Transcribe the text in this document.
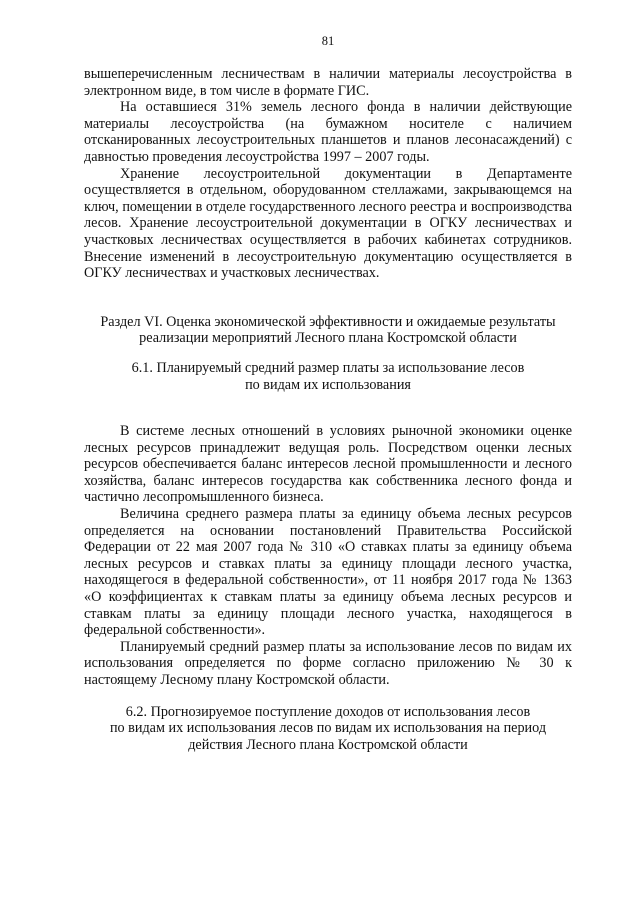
81

вышеперечисленным лесничествам в наличии материалы лесоустройства в электронном виде, в том числе в формате ГИС.

На оставшиеся 31% земель лесного фонда в наличии действующие материалы лесоустройства (на бумажном носителе с наличием отсканированных лесоустроительных планшетов и планов лесонасаждений) с давностью проведения лесоустройства 1997 – 2007 годы.

Хранение лесоустроительной документации в Департаменте осуществляется в отдельном, оборудованном стеллажами, закрывающемся на ключ, помещении в отделе государственного лесного реестра и воспроизводства лесов. Хранение лесоустроительной документации в ОГКУ лесничествах и участковых лесничествах осуществляется в рабочих кабинетах сотрудников. Внесение изменений в лесоустроительную документацию осуществляется в ОГКУ лесничествах и участковых лесничествах.

Раздел VI. Оценка экономической эффективности и ожидаемые результаты
реализации мероприятий Лесного плана Костромской области

6.1. Планируемый средний размер платы за использование лесов
по видам их использования

В системе лесных отношений в условиях рыночной экономики оценке лесных ресурсов принадлежит ведущая роль. Посредством оценки лесных ресурсов обеспечивается баланс интересов лесной промышленности и лесного хозяйства, баланс интересов государства как собственника лесного фонда и частично лесопромышленного бизнеса.

Величина среднего размера платы за единицу объема лесных ресурсов определяется на основании постановлений Правительства Российской Федерации от 22 мая 2007 года № 310 «О ставках платы за единицу объема лесных ресурсов и ставках платы за единицу площади лесного участка, находящегося в федеральной собственности», от 11 ноября 2017 года № 1363 «О коэффициентах к ставкам платы за единицу объема лесных ресурсов и ставкам платы за единицу площади лесного участка, находящегося в федеральной собственности».

Планируемый средний размер платы за использование лесов по видам их использования определяется по форме согласно приложению № 30 к настоящему Лесному плану Костромской области.

6.2. Прогнозируемое поступление доходов от использования лесов
по видам их использования лесов по видам их использования на период
действия Лесного плана Костромской области
